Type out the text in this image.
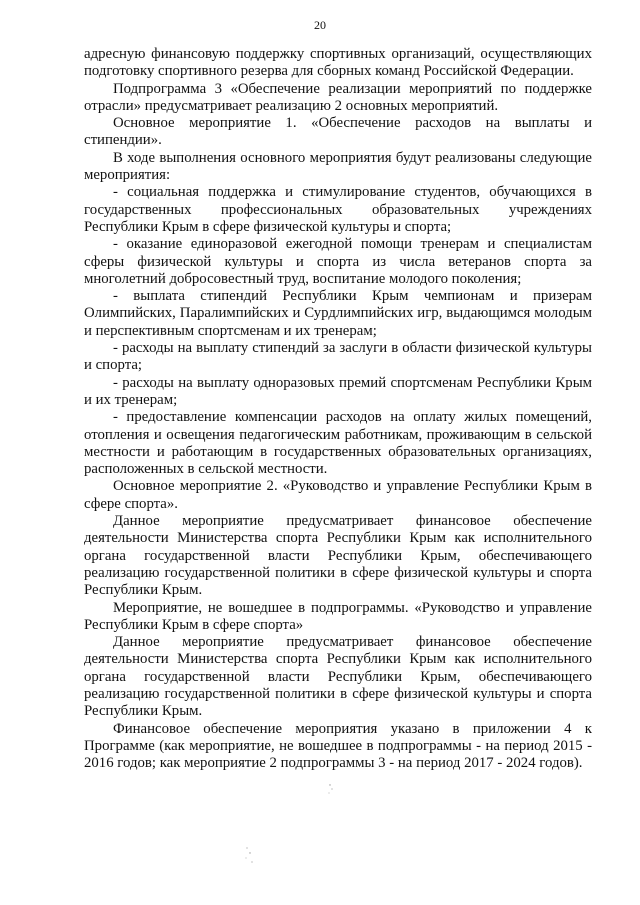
20

адресную финансовую поддержку спортивных организаций, осуществляющих подготовку спортивного резерва для сборных команд Российской Федерации.

Подпрограмма 3 «Обеспечение реализации мероприятий по поддержке отрасли» предусматривает реализацию 2 основных мероприятий.

Основное мероприятие 1. «Обеспечение расходов на выплаты и стипендии».

В ходе выполнения основного мероприятия будут реализованы следующие мероприятия:

- социальная поддержка и стимулирование студентов, обучающихся в государственных профессиональных образовательных учреждениях Республики Крым в сфере физической культуры и спорта;

- оказание единоразовой ежегодной помощи тренерам и специалистам сферы физической культуры и спорта из числа ветеранов спорта за многолетний добросовестный труд, воспитание молодого поколения;

- выплата стипендий Республики Крым чемпионам и призерам Олимпийских, Паралимпийских и Сурдлимпийских игр, выдающимся молодым и перспективным спортсменам и их тренерам;

- расходы на выплату стипендий за заслуги в области физической культуры и спорта;

- расходы на выплату одноразовых премий спортсменам Республики Крым и их тренерам;

- предоставление компенсации расходов на оплату жилых помещений, отопления и освещения педагогическим работникам, проживающим в сельской местности и работающим в государственных образовательных организациях, расположенных в сельской местности.

Основное мероприятие 2. «Руководство и управление Республики Крым в сфере спорта».

Данное мероприятие предусматривает финансовое обеспечение деятельности Министерства спорта Республики Крым как исполнительного органа государственной власти Республики Крым, обеспечивающего реализацию государственной политики в сфере физической культуры и спорта Республики Крым.

Мероприятие, не вошедшее в подпрограммы. «Руководство и управление Республики Крым в сфере спорта»

Данное мероприятие предусматривает финансовое обеспечение деятельности Министерства спорта Республики Крым как исполнительного органа государственной власти Республики Крым, обеспечивающего реализацию государственной политики в сфере физической культуры и спорта Республики Крым.

Финансовое обеспечение мероприятия указано в приложении 4 к Программе (как мероприятие, не вошедшее в подпрограммы - на период 2015 - 2016 годов; как мероприятие 2 подпрограммы 3 - на период 2017 - 2024 годов).
